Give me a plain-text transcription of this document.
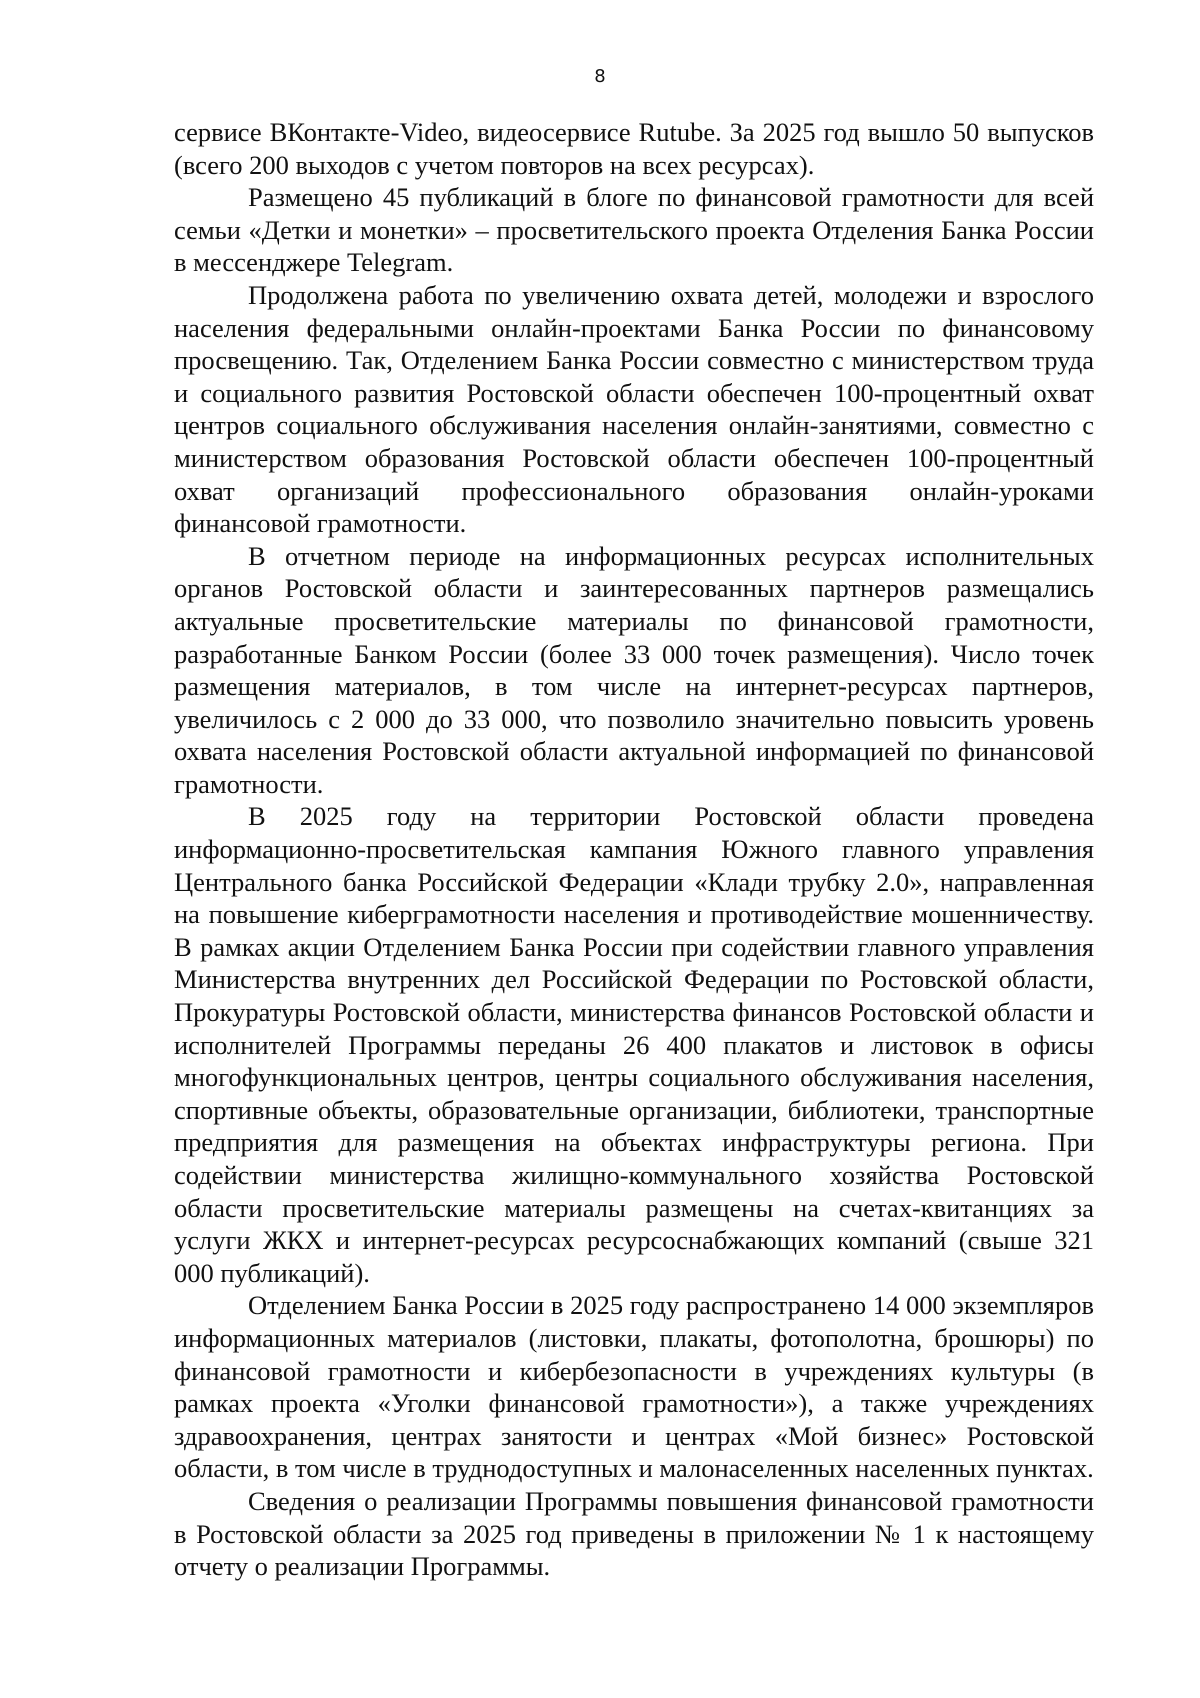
8

сервисе ВКонтакте-Video, видеосервисе Rutube. За 2025 год вышло 50 выпусков (всего 200 выходов с учетом повторов на всех ресурсах).

Размещено 45 публикаций в блоге по финансовой грамотности для всей семьи «Детки и монетки» – просветительского проекта Отделения Банка России в мессенджере Telegram.

Продолжена работа по увеличению охвата детей, молодежи и взрослого населения федеральными онлайн-проектами Банка России по финансовому просвещению. Так, Отделением Банка России совместно с министерством труда и социального развития Ростовской области обеспечен 100-процентный охват центров социального обслуживания населения онлайн-занятиями, совместно с министерством образования Ростовской области обеспечен 100-процентный охват организаций профессионального образования онлайн-уроками финансовой грамотности.

В отчетном периоде на информационных ресурсах исполнительных органов Ростовской области и заинтересованных партнеров размещались актуальные просветительские материалы по финансовой грамотности, разработанные Банком России (более 33 000 точек размещения). Число точек размещения материалов, в том числе на интернет-ресурсах партнеров, увеличилось с 2 000 до 33 000, что позволило значительно повысить уровень охвата населения Ростовской области актуальной информацией по финансовой грамотности.

В 2025 году на территории Ростовской области проведена информационно-просветительская кампания Южного главного управления Центрального банка Российской Федерации «Клади трубку 2.0», направленная на повышение киберграмотности населения и противодействие мошенничеству. В рамках акции Отделением Банка России при содействии главного управления Министерства внутренних дел Российской Федерации по Ростовской области, Прокуратуры Ростовской области, министерства финансов Ростовской области и исполнителей Программы переданы 26 400 плакатов и листовок в офисы многофункциональных центров, центры социального обслуживания населения, спортивные объекты, образовательные организации, библиотеки, транспортные предприятия для размещения на объектах инфраструктуры региона. При содействии министерства жилищно-коммунального хозяйства Ростовской области просветительские материалы размещены на счетах-квитанциях за услуги ЖКХ и интернет-ресурсах ресурсоснабжающих компаний (свыше 321 000 публикаций).

Отделением Банка России в 2025 году распространено 14 000 экземпляров информационных материалов (листовки, плакаты, фотополотна, брошюры) по финансовой грамотности и кибербезопасности в учреждениях культуры (в рамках проекта «Уголки финансовой грамотности»), а также учреждениях здравоохранения, центрах занятости и центрах «Мой бизнес» Ростовской области, в том числе в труднодоступных и малонаселенных населенных пунктах.

Сведения о реализации Программы повышения финансовой грамотности в Ростовской области за 2025 год приведены в приложении № 1 к настоящему отчету о реализации Программы.
